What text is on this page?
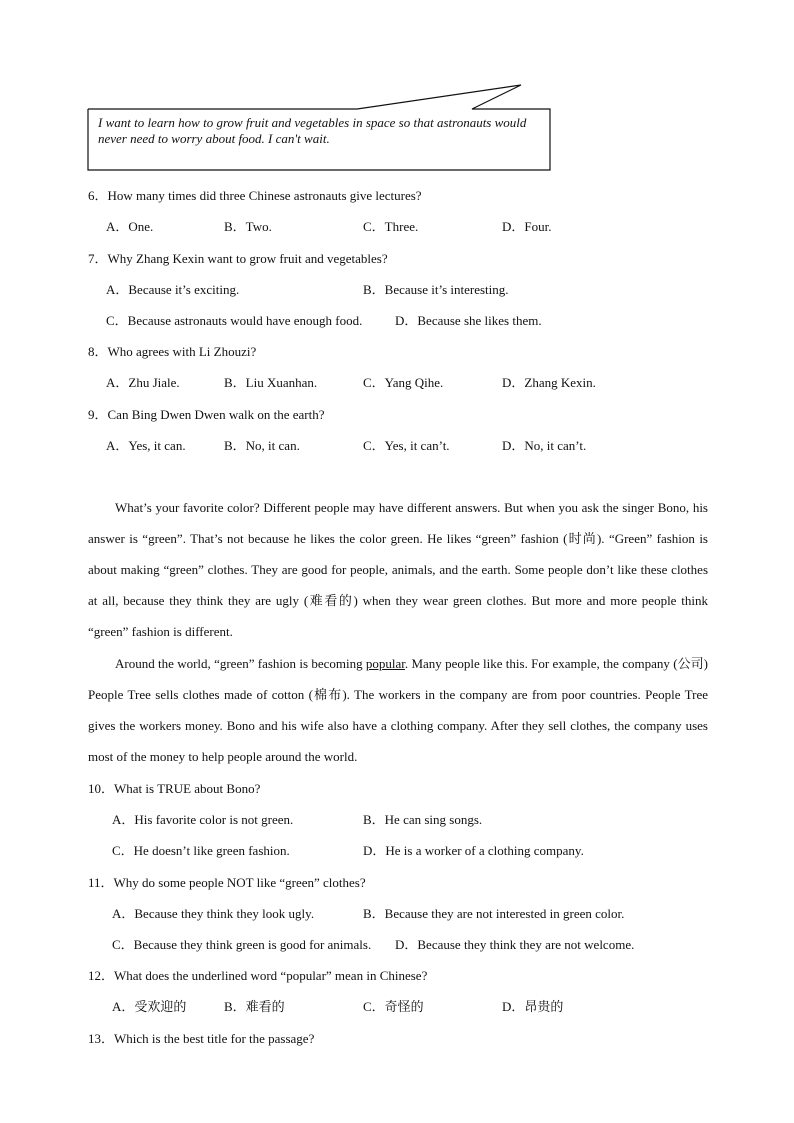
I want to learn how to grow fruit and vegetables in space so that astronauts would never need to worry about food. I can't wait.
6．How many times did three Chinese astronauts give lectures?
A．One.	B．Two.	C．Three.	D．Four.
7．Why Zhang Kexin want to grow fruit and vegetables?
A．Because it’s exciting.	B．Because it’s interesting.
C．Because astronauts would have enough food.	D．Because she likes them.
8．Who agrees with Li Zhouzi?
A．Zhu Jiale.	B．Liu Xuanhan.	C．Yang Qihe.	D．Zhang Kexin.
9．Can Bing Dwen Dwen walk on the earth?
A．Yes, it can.	B．No, it can.	C．Yes, it can’t.	D．No, it can’t.
What’s your favorite color? Different people may have different answers. But when you ask the singer Bono, his answer is “green”. That’s not because he likes the color green. He likes “green” fashion (时尚). “Green” fashion is about making “green” clothes. They are good for people, animals, and the earth. Some people don’t like these clothes at all, because they think they are ugly (难看的) when they wear green clothes. But more and more people think “green” fashion is different.
Around the world, “green” fashion is becoming popular. Many people like this. For example, the company (公司) People Tree sells clothes made of cotton (棉布). The workers in the company are from poor countries. People Tree gives the workers money. Bono and his wife also have a clothing company. After they sell clothes, the company uses most of the money to help people around the world.
10．What is TRUE about Bono?
A．His favorite color is not green.	B．He can sing songs.
C．He doesn’t like green fashion.	D．He is a worker of a clothing company.
11．Why do some people NOT like “green” clothes?
A．Because they think they look ugly.	B．Because they are not interested in green color.
C．Because they think green is good for animals. D．Because they think they are not welcome.
12．What does the underlined word “popular” mean in Chinese?
A．受欢迎的	B．难看的	C．奇怪的	D．昂贵的
13．Which is the best title for the passage?
